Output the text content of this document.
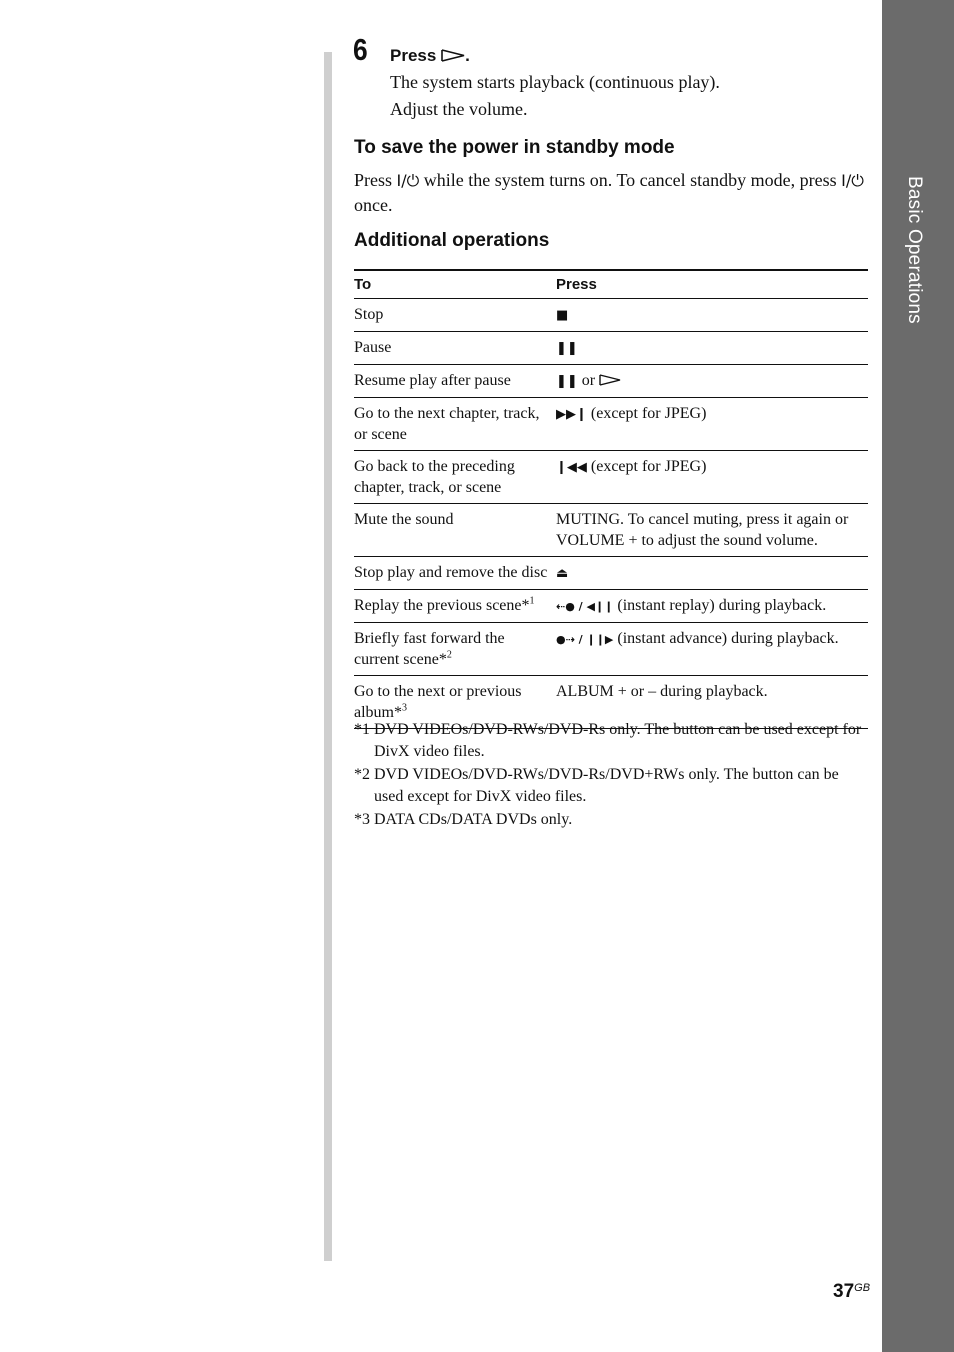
Basic Operations
6 Press .
The system starts playback (continuous play).
Adjust the volume.
To save the power in standby mode
Press I/⏻ while the system turns on. To cancel standby mode, press I/⏻ once.
Additional operations
To	Press
Stop	■
Pause	❚❚
Resume play after pause	❚❚ or
Go to the next chapter, track, or scene	▶▶❙ (except for JPEG)
Go back to the preceding chapter, track, or scene	❙◀◀ (except for JPEG)
Mute the sound	MUTING. To cancel muting, press it again or VOLUME + to adjust the sound volume.
Stop play and remove the disc	⏏
Replay the previous scene*$^1$	⇠● / ◀❙❙ (instant replay) during playback.
Briefly fast forward the current scene*$^2$	●⇢ / ❙❙▶ (instant advance) during playback.
Go to the next or previous album*$^3$	ALBUM + or – during playback.
*1 DVD VIDEOs/DVD-RWs/DVD-Rs only. The button can be used except for DivX video files.
*2 DVD VIDEOs/DVD-RWs/DVD-Rs/DVD+RWs only. The button can be used except for DivX video files.
*3 DATA CDs/DATA DVDs only.
$37^{GB}$
